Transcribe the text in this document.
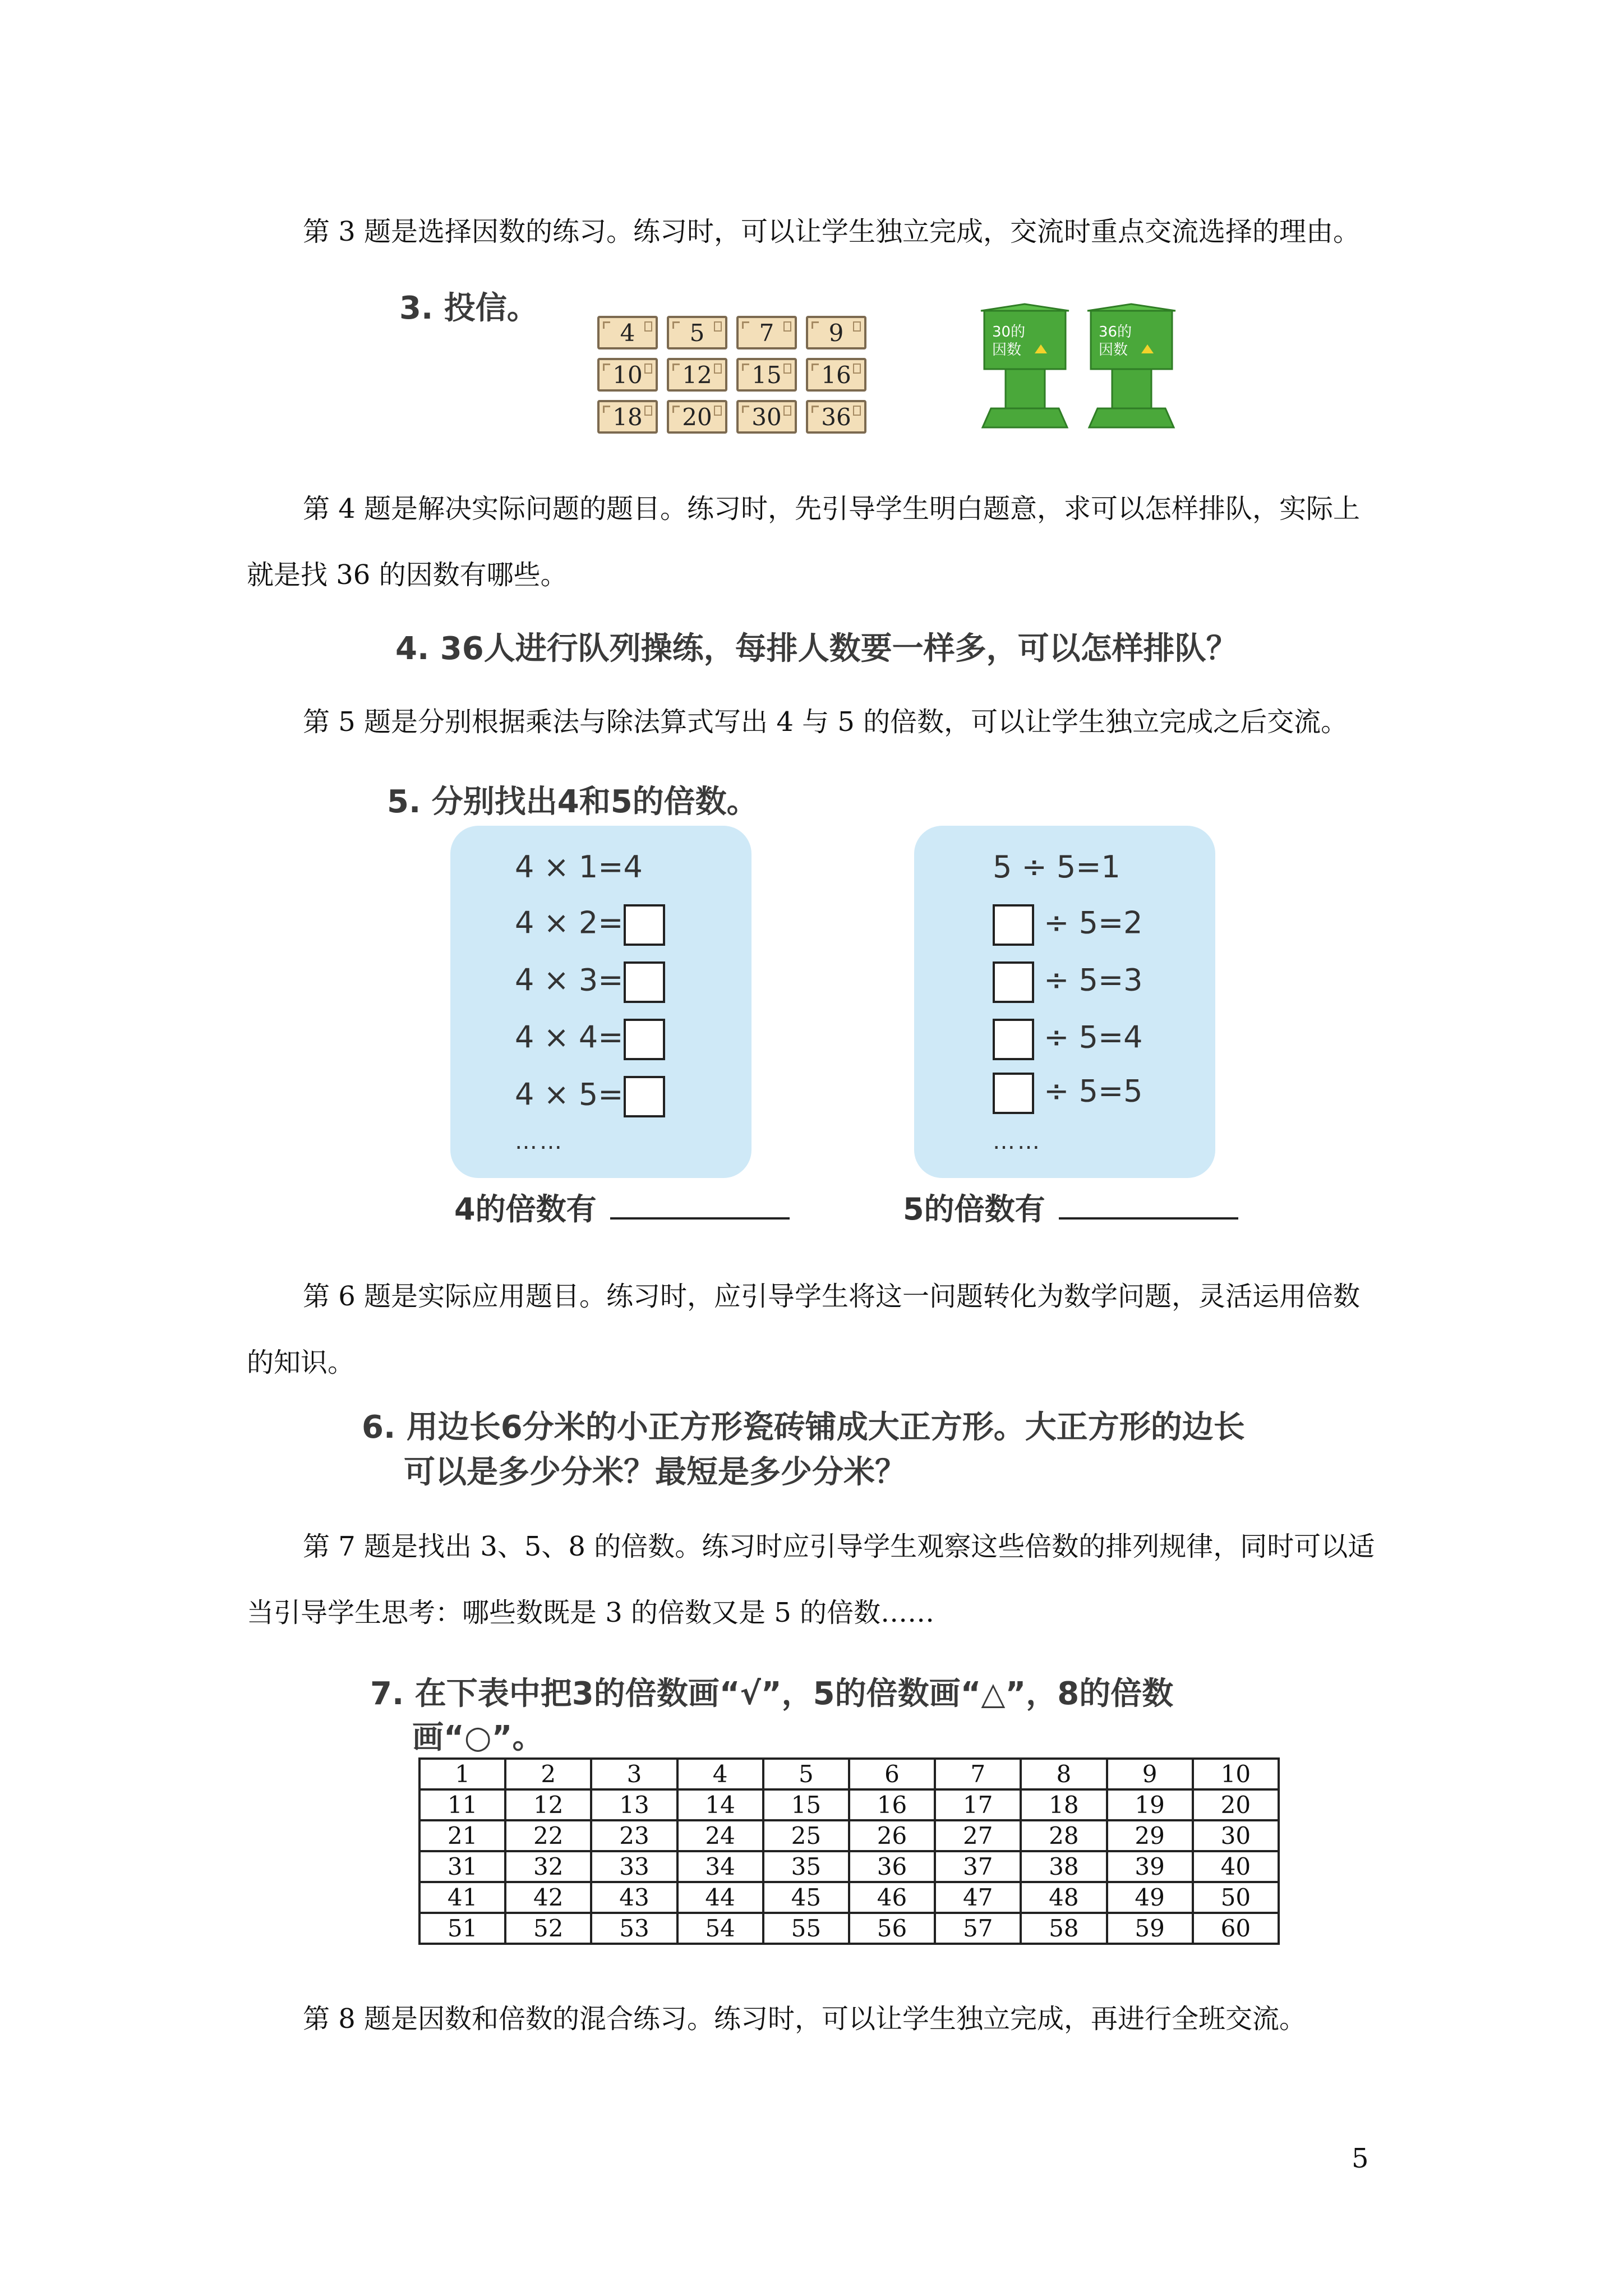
第 3 题是选择因数的练习。练习时，可以让学生独立完成，交流时重点交流选择的理由。

3. 投信。
4	5	7	9
10	12	15	16
18	20	30	36
30的
因数
36的
因数

第 4 题是解决实际问题的题目。练习时，先引导学生明白题意，求可以怎样排队，实际上就是找 36 的因数有哪些。

4. 36人进行队列操练，每排人数要一样多，可以怎样排队？

第 5 题是分别根据乘法与除法算式写出 4 与 5 的倍数，可以让学生独立完成之后交流。

5. 分别找出4和5的倍数。
4 × 1=4
4 × 2=
4 × 3=
4 × 4=
4 × 5=
……
5 ÷ 5=1
÷ 5=2
÷ 5=3
÷ 5=4
÷ 5=5
……
4的倍数有	5的倍数有

第 6 题是实际应用题目。练习时，应引导学生将这一问题转化为数学问题，灵活运用倍数的知识。

6. 用边长6分米的小正方形瓷砖铺成大正方形。大正方形的边长
可以是多少分米？最短是多少分米？

第 7 题是找出 3、5、8 的倍数。练习时应引导学生观察这些倍数的排列规律，同时可以适当引导学生思考：哪些数既是 3 的倍数又是 5 的倍数……

7. 在下表中把3的倍数画“√”，5的倍数画“△”，8的倍数
画“○”。
1	2	3	4	5	6	7	8	9	10
11	12	13	14	15	16	17	18	19	20
21	22	23	24	25	26	27	28	29	30
31	32	33	34	35	36	37	38	39	40
41	42	43	44	45	46	47	48	49	50
51	52	53	54	55	56	57	58	59	60

第 8 题是因数和倍数的混合练习。练习时，可以让学生独立完成，再进行全班交流。

5
